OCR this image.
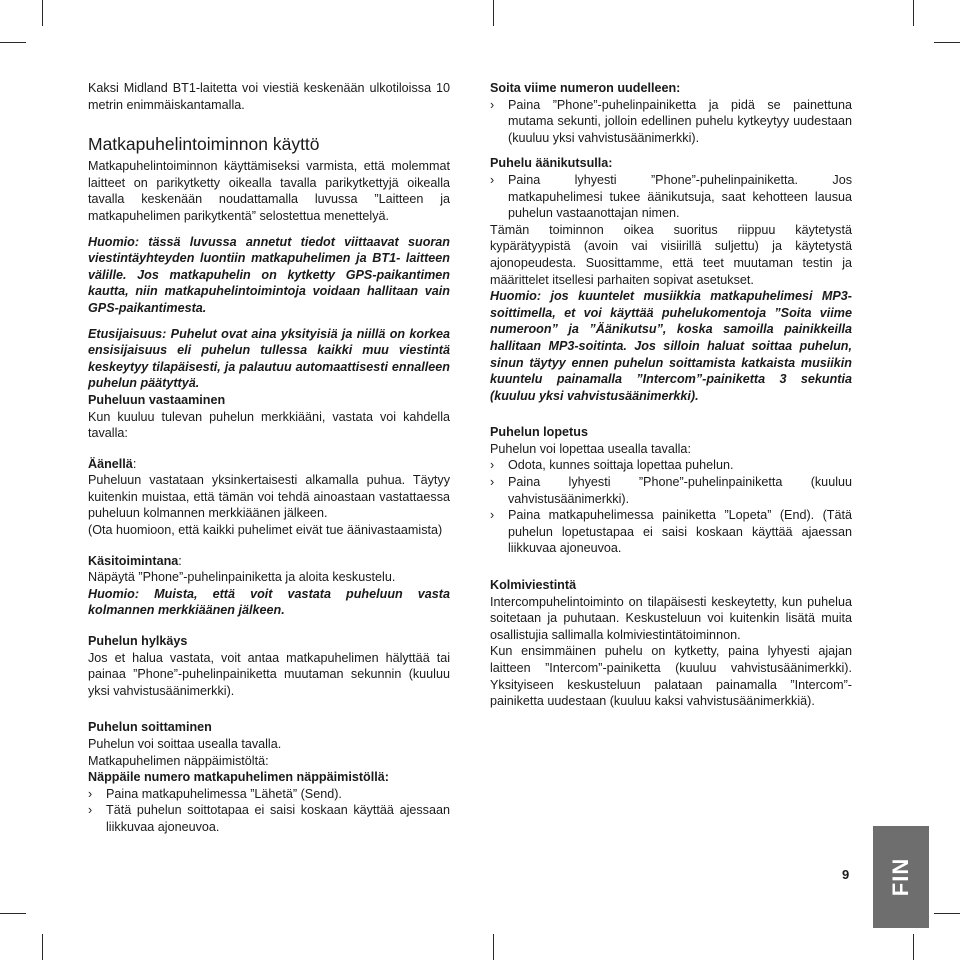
Kaksi Midland BT1-laitetta voi viestiä keskenään ulkotiloissa 10 metrin enimmäiskantamalla.

Matkapuhelintoiminnon käyttö

Matkapuhelintoiminnon käyttämiseksi varmista, että molemmat laitteet on parikytketty oikealla tavalla parikytkettyjä oikealla tavalla keskenään noudattamalla luvussa ”Laitteen ja matkapuhelimen parikytkentä” selostettua menettelyä.

Huomio: tässä luvussa annetut tiedot viittaavat suoran viestintäyhteyden luontiin matkapuhelimen ja BT1- laitteen välille. Jos matkapuhelin on kytketty GPS-paikantimen kautta, niin matkapuhelintoimintoja voidaan hallitaan vain GPS-paikantimesta.

Etusijaisuus: Puhelut ovat aina yksityisiä ja niillä on korkea ensisijaisuus eli puhelun tullessa kaikki muu viestintä keskeytyy tilapäisesti, ja palautuu automaattisesti ennalleen puhelun päätyttyä.

Puheluun vastaaminen

Kun kuuluu tulevan puhelun merkkiääni, vastata voi kahdella tavalla:

Äänellä:

Puheluun vastataan yksinkertaisesti alkamalla puhua. Täytyy kuitenkin muistaa, että tämän voi tehdä ainoastaan vastattaessa puheluun kolmannen merkkiäänen jälkeen.

(Ota huomioon, että kaikki puhelimet eivät tue äänivastaamista)

Käsitoimintana:

Näpäytä ”Phone”-puhelinpainiketta ja aloita keskustelu.

Huomio: Muista, että voit vastata puheluun vasta kolmannen merkkiäänen jälkeen.

Puhelun hylkäys

Jos et halua vastata, voit antaa matkapuhelimen hälyttää tai painaa ”Phone”-puhelinpainiketta muutaman sekunnin (kuuluu yksi vahvistusäänimerkki).

Puhelun soittaminen

Puhelun voi soittaa usealla tavalla.

Matkapuhelimen näppäimistöltä:

Näppäile numero matkapuhelimen näppäimistöllä:

› Paina matkapuhelimessa ”Lähetä” (Send).
› Tätä puhelun soittotapaa ei saisi koskaan käyttää ajessaan liikkuvaa ajoneuvoa.

Soita viime numeron uudelleen:

› Paina ”Phone”-puhelinpainiketta ja pidä se painettuna mutama sekunti, jolloin edellinen puhelu kytkeytyy uudestaan (kuuluu yksi vahvistusäänimerkki).

Puhelu äänikutsulla:

› Paina lyhyesti ”Phone”-puhelinpainiketta. Jos matkapuhelimesi tukee äänikutsuja, saat kehotteen lausua puhelun vastaanottajan nimen.

Tämän toiminnon oikea suoritus riippuu käytetystä kypärätyypistä (avoin vai visiirillä suljettu) ja käytetystä ajonopeudesta. Suosittamme, että teet muutaman testin ja määrittelet itsellesi parhaiten sopivat asetukset.

Huomio: jos kuuntelet musiikkia matkapuhelimesi MP3-soittimella, et voi käyttää puhelukomentoja ”Soita viime numeroon” ja ”Äänikutsu”, koska samoilla painikkeilla hallitaan MP3-soitinta. Jos silloin haluat soittaa puhelun, sinun täytyy ennen puhelun soittamista katkaista musiikin kuuntelu painamalla ”Intercom”-painiketta 3 sekuntia (kuuluu yksi vahvistusäänimerkki).

Puhelun lopetus

Puhelun voi lopettaa usealla tavalla:

› Odota, kunnes soittaja lopettaa puhelun.
› Paina lyhyesti ”Phone”-puhelinpainiketta (kuuluu vahvistusäänimerkki).
› Paina matkapuhelimessa painiketta ”Lopeta” (End). (Tätä puhelun lopetustapaa ei saisi koskaan käyttää ajaessan liikkuvaa ajoneuvoa.

Kolmiviestintä

Intercompuhelintoiminto on tilapäisesti keskeytetty, kun puhelua soitetaan ja puhutaan. Keskusteluun voi kuitenkin lisätä muita osallistujia sallimalla kolmiviestintätoiminnon.

Kun ensimmäinen puhelu on kytketty, paina lyhyesti ajajan laitteen ”Intercom”-painiketta (kuuluu vahvistusäänimerkki). Yksityiseen keskusteluun palataan painamalla ”Intercom”-painiketta uudestaan (kuuluu kaksi vahvistusäänimerkkiä).

9 FIN
